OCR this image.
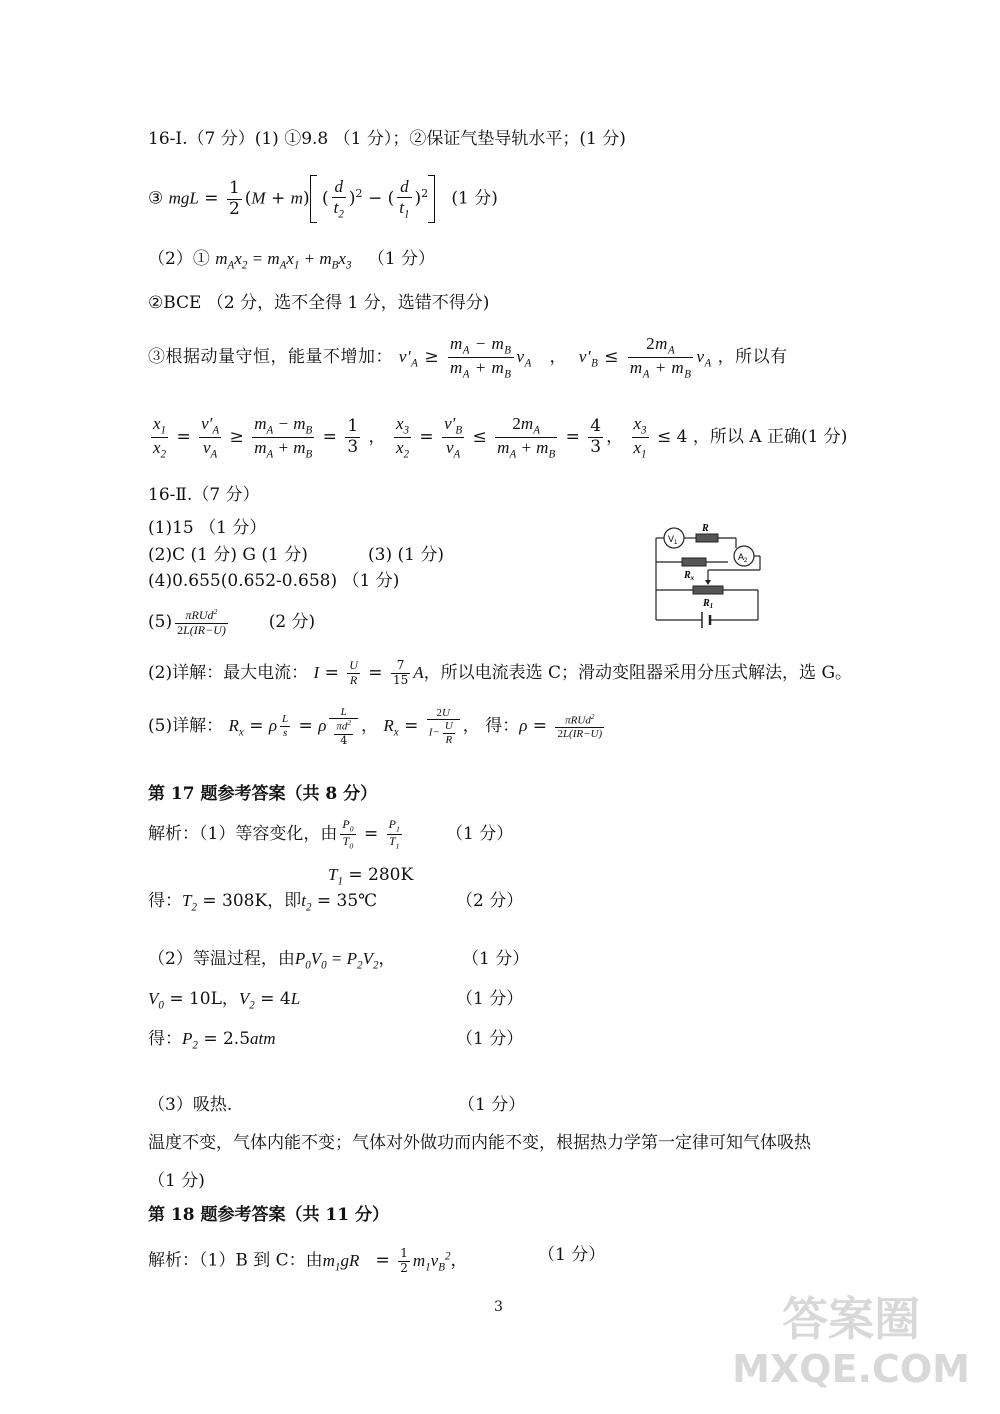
16-Ⅰ.（7 分）(1) ①9.8 （1 分）；②保证气垫导轨水平；(1 分)
③ mgL = $\frac{1}{2} (M + m)$ ( $\frac{d}{t_2} )^2$ − ( $\frac{d}{t_1} )^2$ (1 分)
（2）① $m_Ax_2 = m_Ax_1 + m_Bx_3$ （1 分）
②BCE （2 分，选不全得 1 分，选错不得分)
③根据动量守恒，能量不增加： $v'_A \ge \frac{m_A - m_B}{m_A + m_B} v_A$   ，  $v'_B \le \frac{2m_A}{m_A + m_B} v_A$ ，所以有
$\frac{x_1}{x_2} = \frac{v'_A}{v_A} \ge \frac{m_A - m_B}{m_A + m_B} = \frac{1}{3}$ ， $\frac{x_3}{x_2} = \frac{v'_B}{v_A} \le \frac{2m_A}{m_A + m_B} = \frac{4}{3}$ ， $\frac{x_3}{x_1} \le 4$ ，所以 A 正确(1 分)
16-Ⅱ.（7 分）
(1)15 （1 分）
(2)C (1 分) G (1 分)	(3) (1 分)
(4)0.655(0.652-0.658) （1 分)
$(5) \frac{\pi RUd^2}{2L(IR-U)} (2$ 分)
$V_1$
$A_2$
R
$R_x$
$R_1$
(2)详解：最大电流： $I = \frac{U}{R} = \frac{7}{15}$ A，所以电流表选 C；滑动变阻器采用分压式解法，选 G。
(5)详解： $R_x = \rho \frac{L}{s} = \rho \frac{L}{\frac{\pi d^2}{4}}$ ， $R_x = \frac{2U}{I- \frac{U}{R}}$ ， 得：$\rho = \frac{\pi RUd^2}{2L(IR-U)}$
第 17 题参考答案（共 8 分）
解析：（1）等容变化，由 $\frac{P_0}{T_0} = \frac{P_1}{T_1}$	（1 分）
$T_1 = 280K$
得：$T_2 = 308K$，即$t_2$ = 35℃	（2 分）
（2）等温过程，由$P_0V_0 = P_2V_2$，	（1 分）
$V_0 = 10L$，$V_2 = 4L$	（1 分）
得：$P_2 = 2.5atm$	（1 分）
（3）吸热.	（1 分）
温度不变，气体内能不变；气体对外做功而内能不变，根据热力学第一定律可知气体吸热
（1 分)
第 18 题参考答案（共 11 分）
解析：（1）B 到 C：由$m_1gR = \frac{1}{2} m_1v_B^2$，	（1 分）
3	答案圈
MXQE.COM
